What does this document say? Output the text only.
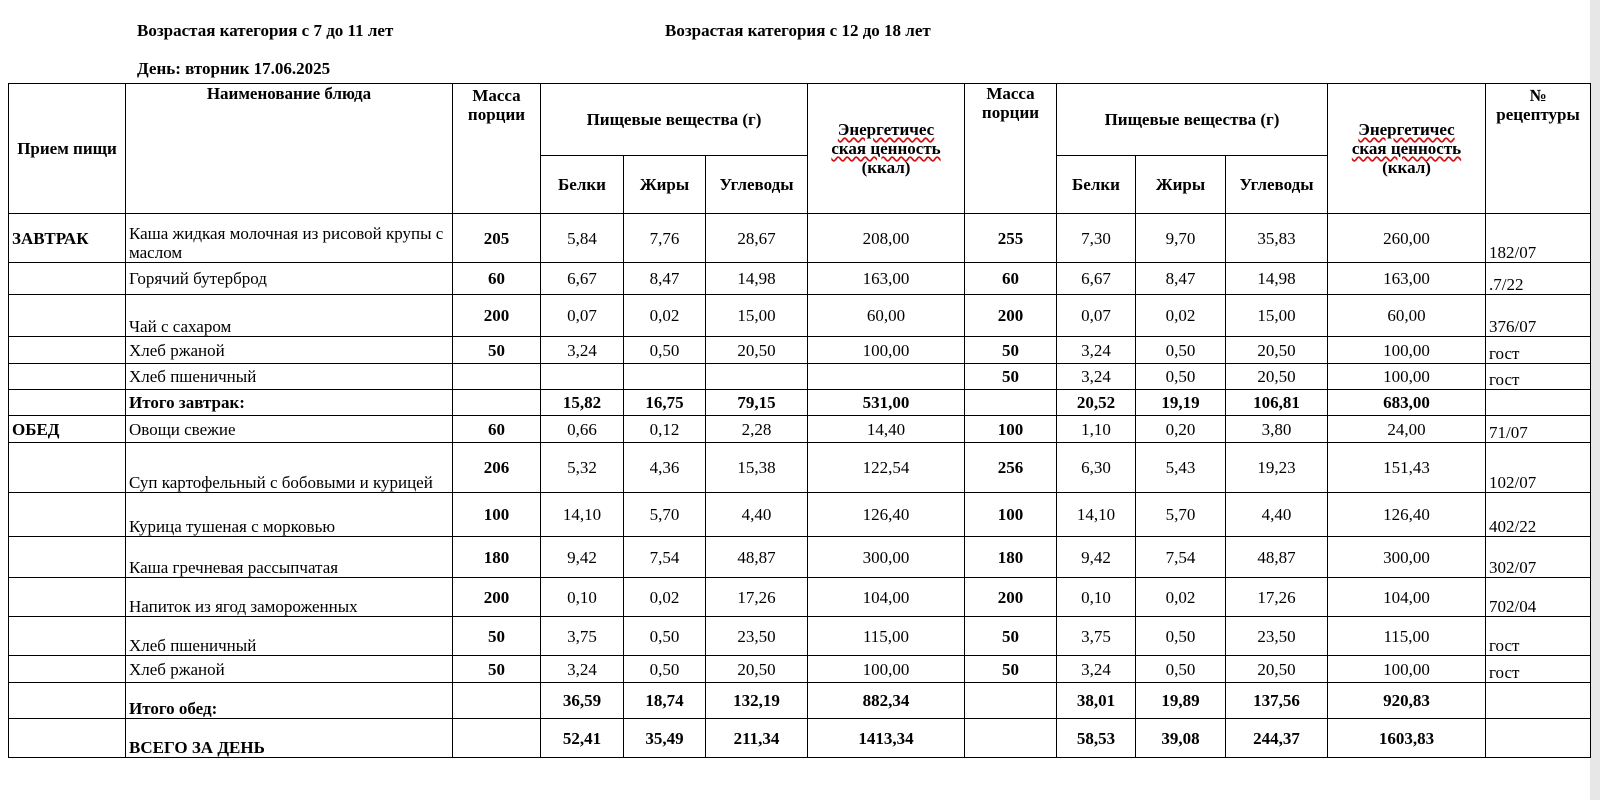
Возрастая категория с 7 до 11 лет	Возрастая категория с 12 до 18 лет
День: вторник 17.06.2025
Прием пищи	Наименование блюда	Масса порции	Пищевые вещества (г)			Энергетичес
ская ценность
(ккал)	Масса порции	Пищевые вещества (г)			Энергетичес
ская ценность
(ккал)	№ рецептуры
			Белки	Жиры	Углеводы			Белки	Жиры	Углеводы		
ЗАВТРАК	Каша жидкая молочная из рисовой крупы с маслом	205	5,84	7,76	28,67	208,00	255	7,30	9,70	35,83	260,00	182/07
	Горячий бутерброд	60	6,67	8,47	14,98	163,00	60	6,67	8,47	14,98	163,00	.7/22
	Чай с сахаром	200	0,07	0,02	15,00	60,00	200	0,07	0,02	15,00	60,00	376/07
	Хлеб ржаной	50	3,24	0,50	20,50	100,00	50	3,24	0,50	20,50	100,00	гост
	Хлеб пшеничный						50	3,24	0,50	20,50	100,00	гост
	Итого завтрак:		15,82	16,75	79,15	531,00		20,52	19,19	106,81	683,00	
ОБЕД	Овощи свежие	60	0,66	0,12	2,28	14,40	100	1,10	0,20	3,80	24,00	71/07
	Суп картофельный с бобовыми и курицей	206	5,32	4,36	15,38	122,54	256	6,30	5,43	19,23	151,43	102/07
	Курица тушеная с морковью	100	14,10	5,70	4,40	126,40	100	14,10	5,70	4,40	126,40	402/22
	Каша гречневая рассыпчатая	180	9,42	7,54	48,87	300,00	180	9,42	7,54	48,87	300,00	302/07
	Напиток из ягод замороженных	200	0,10	0,02	17,26	104,00	200	0,10	0,02	17,26	104,00	702/04
	Хлеб пшеничный	50	3,75	0,50	23,50	115,00	50	3,75	0,50	23,50	115,00	гост
	Хлеб ржаной	50	3,24	0,50	20,50	100,00	50	3,24	0,50	20,50	100,00	гост
	Итого обед:		36,59	18,74	132,19	882,34		38,01	19,89	137,56	920,83	
	ВСЕГО ЗА ДЕНЬ		52,41	35,49	211,34	1413,34		58,53	39,08	244,37	1603,83	
